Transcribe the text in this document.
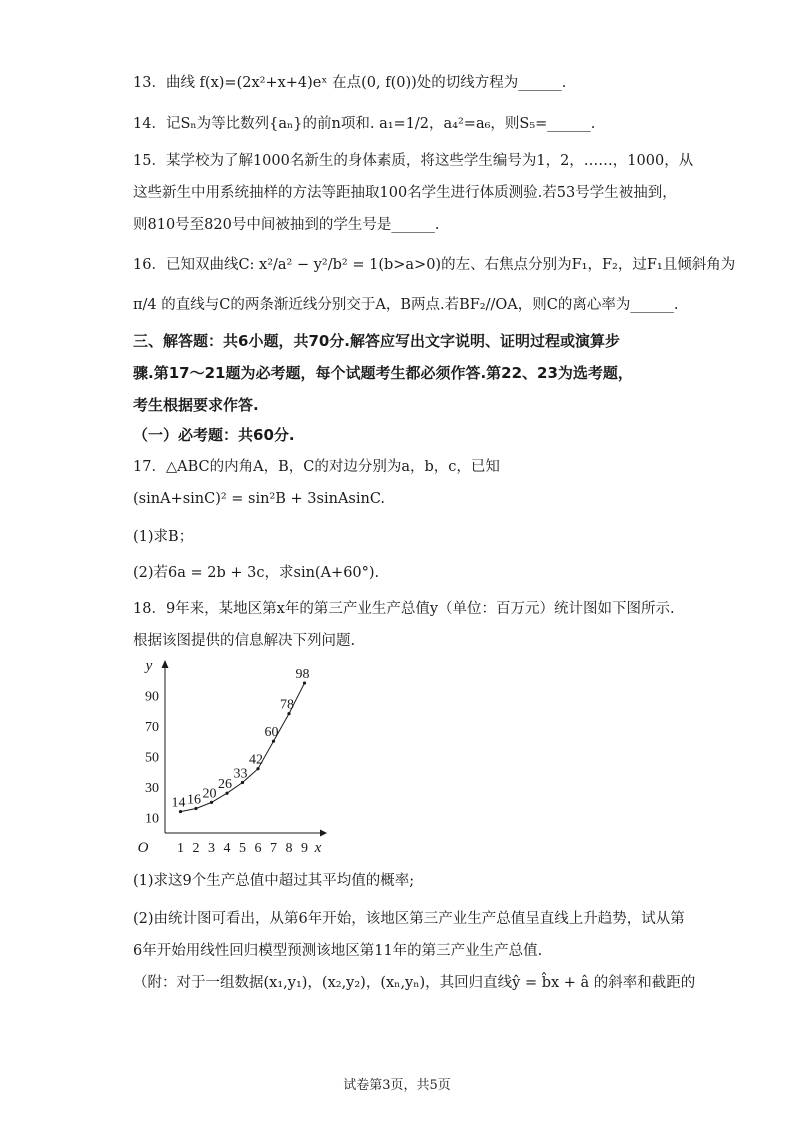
13．曲线 f(x)=(2x²+x+4)eˣ 在点(0, f(0))处的切线方程为______.
14．记Sₙ为等比数列{aₙ}的前n项和. a₁=1/2，a₄²=a₆，则S₅=______.
15．某学校为了解1000名新生的身体素质，将这些学生编号为1，2，……，1000，从
这些新生中用系统抽样的方法等距抽取100名学生进行体质测验.若53号学生被抽到，
则810号至820号中间被抽到的学生号是______.
16．已知双曲线C: x²/a² − y²/b² = 1(b>a>0)的左、右焦点分别为F₁，F₂，过F₁且倾斜角为
π/4 的直线与C的两条渐近线分别交于A，B两点.若BF₂//OA，则C的离心率为______.
三、解答题：共6小题，共70分.解答应写出文字说明、证明过程或演算步
骤.第17～21题为必考题，每个试题考生都必须作答.第22、23为选考题，
考生根据要求作答.
（一）必考题：共60分.
17．△ABC的内角A，B，C的对边分别为a，b，c，已知
(sinA+sinC)² = sin²B + 3sinAsinC.
(1)求B；
(2)若6a = 2b + 3c，求sin(A+60°).
18．9年来，某地区第x年的第三产业生产总值y（单位：百万元）统计图如下图所示.
根据该图提供的信息解决下列问题.
y
x
O 1 2 3 4 5 6 7 8 9
10
30
50
70
90
14 16 20
26
33
42
60
78
98
(1)求这9个生产总值中超过其平均值的概率;
(2)由统计图可看出，从第6年开始，该地区第三产业生产总值呈直线上升趋势，试从第
6年开始用线性回归模型预测该地区第11年的第三产业生产总值.
（附：对于一组数据(x₁,y₁)，(x₂,y₂)，(xₙ,yₙ)，其回归直线ŷ = b̂x + â 的斜率和截距的
试卷第3页，共5页
